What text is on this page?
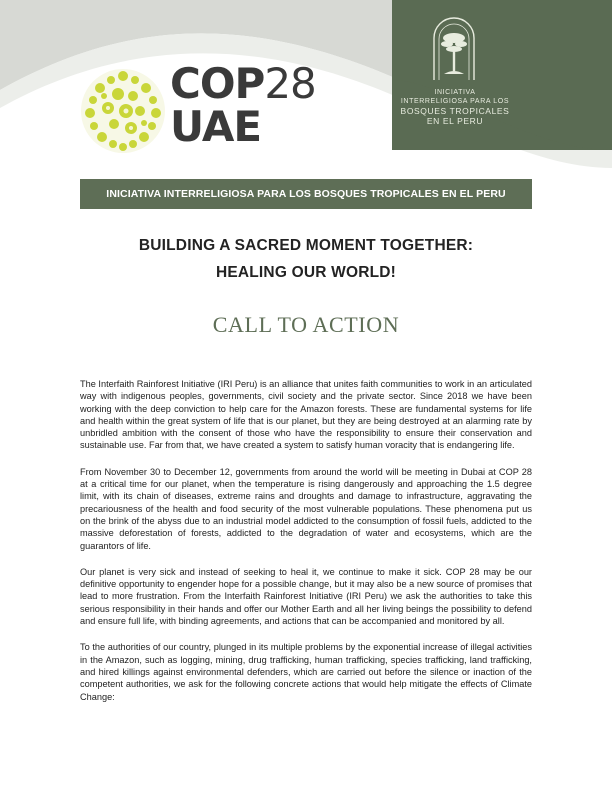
COP28
UAE
INICIATIVA
INTERRELIGIOSA PARA LOS
BOSQUES TROPICALES
EN EL PERU
INICIATIVA INTERRELIGIOSA PARA LOS BOSQUES TROPICALES EN EL PERU
BUILDING A SACRED MOMENT TOGETHER:
HEALING OUR WORLD!
CALL TO ACTION

The Interfaith Rainforest Initiative (IRI Peru) is an alliance that unites faith communities to work in an articulated way with indigenous peoples, governments, civil society and the private sector. Since 2018 we have been working with the deep conviction to help care for the Amazon forests. These are fundamental systems for life and health within the great system of life that is our planet, but they are being destroyed at an alarming rate by unbridled ambition with the consent of those who have the responsibility to ensure their conservation and sustainable use. Far from that, we have created a system to satisfy human voracity that is endangering life.

From November 30 to December 12, governments from around the world will be meeting in Dubai at COP 28 at a critical time for our planet, when the temperature is rising dangerously and approaching the 1.5 degree limit, with its chain of diseases, extreme rains and droughts and damage to infrastructure, aggravating the precariousness of the health and food security of the most vulnerable populations. These phenomena put us on the brink of the abyss due to an industrial model addicted to the consumption of fossil fuels, addicted to the massive deforestation of forests, addicted to the degradation of water and ecosystems, which are the guarantors of life.

Our planet is very sick and instead of seeking to heal it, we continue to make it sick. COP 28 may be our definitive opportunity to engender hope for a possible change, but it may also be a new source of promises that lead to more frustration. From the Interfaith Rainforest Initiative (IRI Peru) we ask the authorities to take this serious responsibility in their hands and offer our Mother Earth and all her living beings the possibility to defend and ensure full life, with binding agreements, and actions that can be accompanied and monitored by all.

To the authorities of our country, plunged in its multiple problems by the exponential increase of illegal activities in the Amazon, such as logging, mining, drug trafficking, human trafficking, species trafficking, land trafficking, and hired killings against environmental defenders, which are carried out before the silence or inaction of the competent authorities, we ask for the following concrete actions that would help mitigate the effects of Climate Change:
